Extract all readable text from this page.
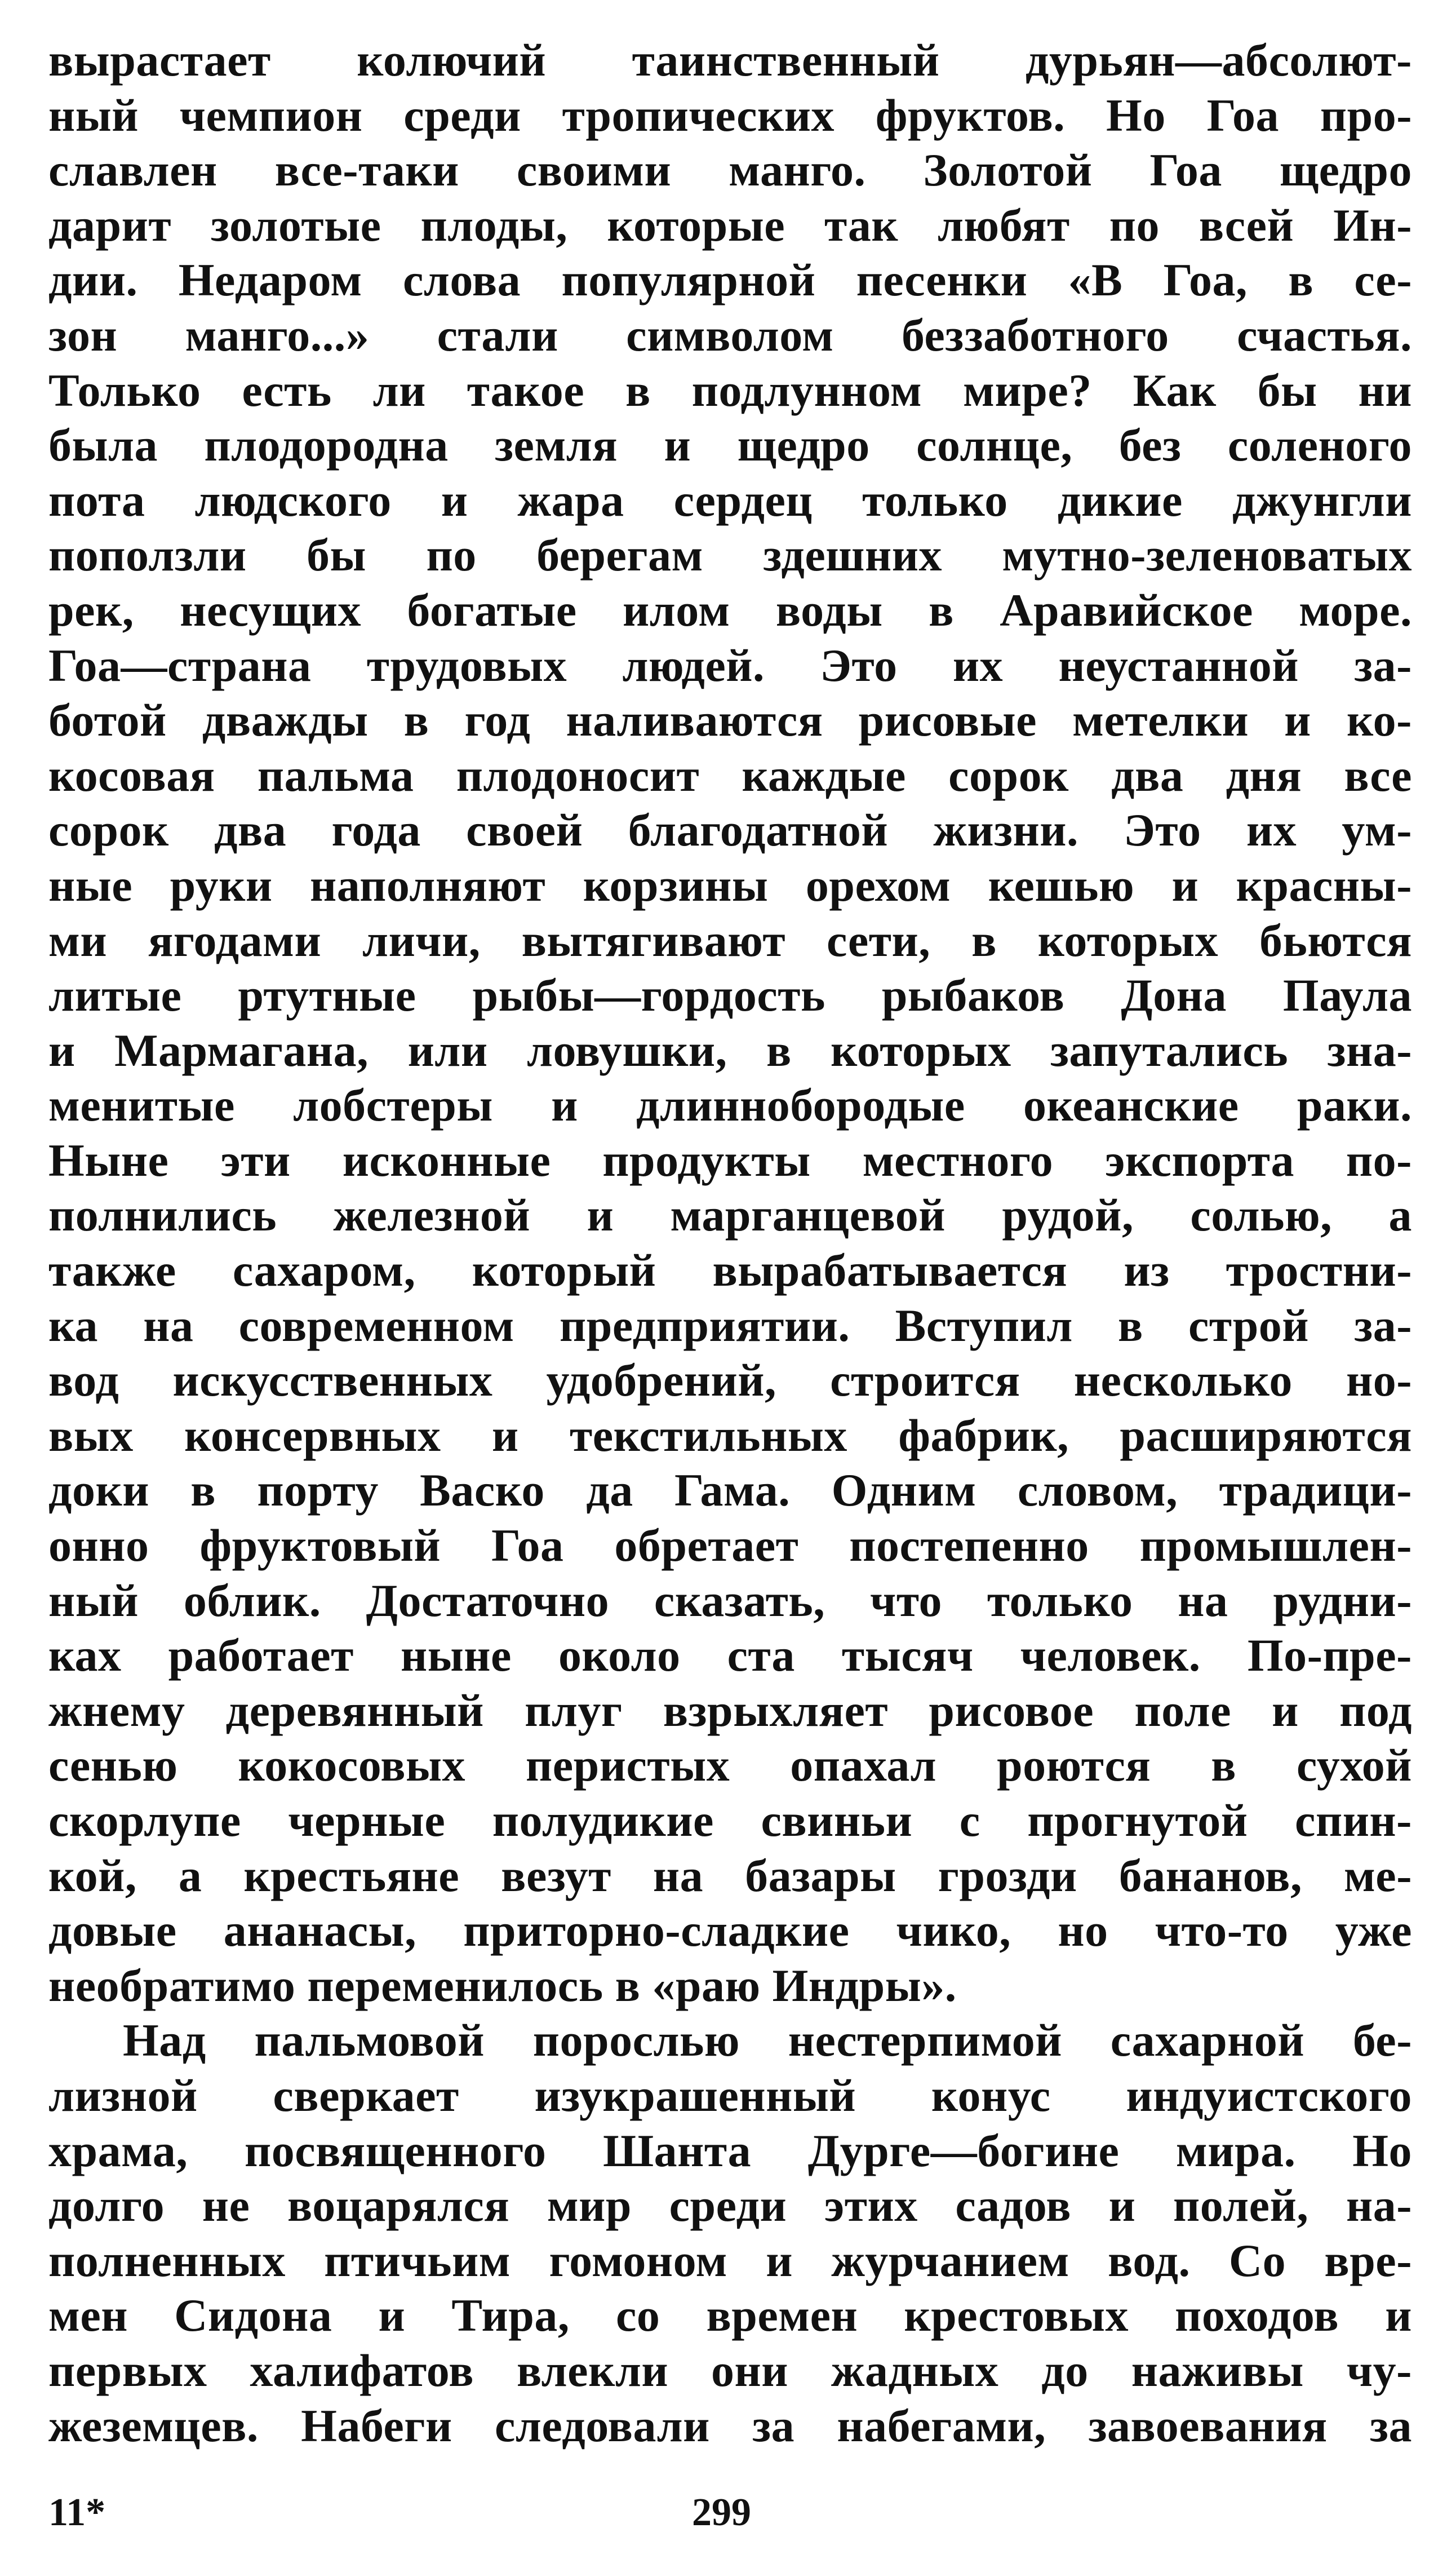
вырастает колючий таинственный дурьян—абсолют-
ный чемпион среди тропических фруктов. Но Гоа про-
славлен все-таки своими манго. Золотой Гоа щедро
дарит золотые плоды, которые так любят по всей Ин-
дии. Недаром слова популярной песенки «В Гоа, в се-
зон манго...» стали символом беззаботного счастья.
Только есть ли такое в подлунном мире? Как бы ни
была плодородна земля и щедро солнце, без соленого
пота людского и жара сердец только дикие джунгли
поползли бы по берегам здешних мутно-зеленоватых
рек, несущих богатые илом воды в Аравийское море.
Гоа—страна трудовых людей. Это их неустанной за-
ботой дважды в год наливаются рисовые метелки и ко-
косовая пальма плодоносит каждые сорок два дня все
сорок два года своей благодатной жизни. Это их ум-
ные руки наполняют корзины орехом кешью и красны-
ми ягодами личи, вытягивают сети, в которых бьются
литые ртутные рыбы—гордость рыбаков Дона Паула
и Мармагана, или ловушки, в которых запутались зна-
менитые лобстеры и длиннобородые океанские раки.
Ныне эти исконные продукты местного экспорта по-
полнились железной и марганцевой рудой, солью, а
также сахаром, который вырабатывается из тростни-
ка на современном предприятии. Вступил в строй за-
вод искусственных удобрений, строится несколько но-
вых консервных и текстильных фабрик, расширяются
доки в порту Васко да Гама. Одним словом, традици-
онно фруктовый Гоа обретает постепенно промышлен-
ный облик. Достаточно сказать, что только на рудни-
ках работает ныне около ста тысяч человек. По-пре-
жнему деревянный плуг взрыхляет рисовое поле и под
сенью кокосовых перистых опахал роются в сухой
скорлупе черные полудикие свиньи с прогнутой спин-
кой, а крестьяне везут на базары грозди бананов, ме-
довые ананасы, приторно-сладкие чико, но что-то уже
необратимо переменилось в «раю Индры».
Над пальмовой порослью нестерпимой сахарной бе-
лизной сверкает изукрашенный конус индуистского
храма, посвященного Шанта Дурге—богине мира. Но
долго не воцарялся мир среди этих садов и полей, на-
полненных птичьим гомоном и журчанием вод. Со вре-
мен Сидона и Тира, со времен крестовых походов и
первых халифатов влекли они жадных до наживы чу-
жеземцев. Набеги следовали за набегами, завоевания за
11*	299
